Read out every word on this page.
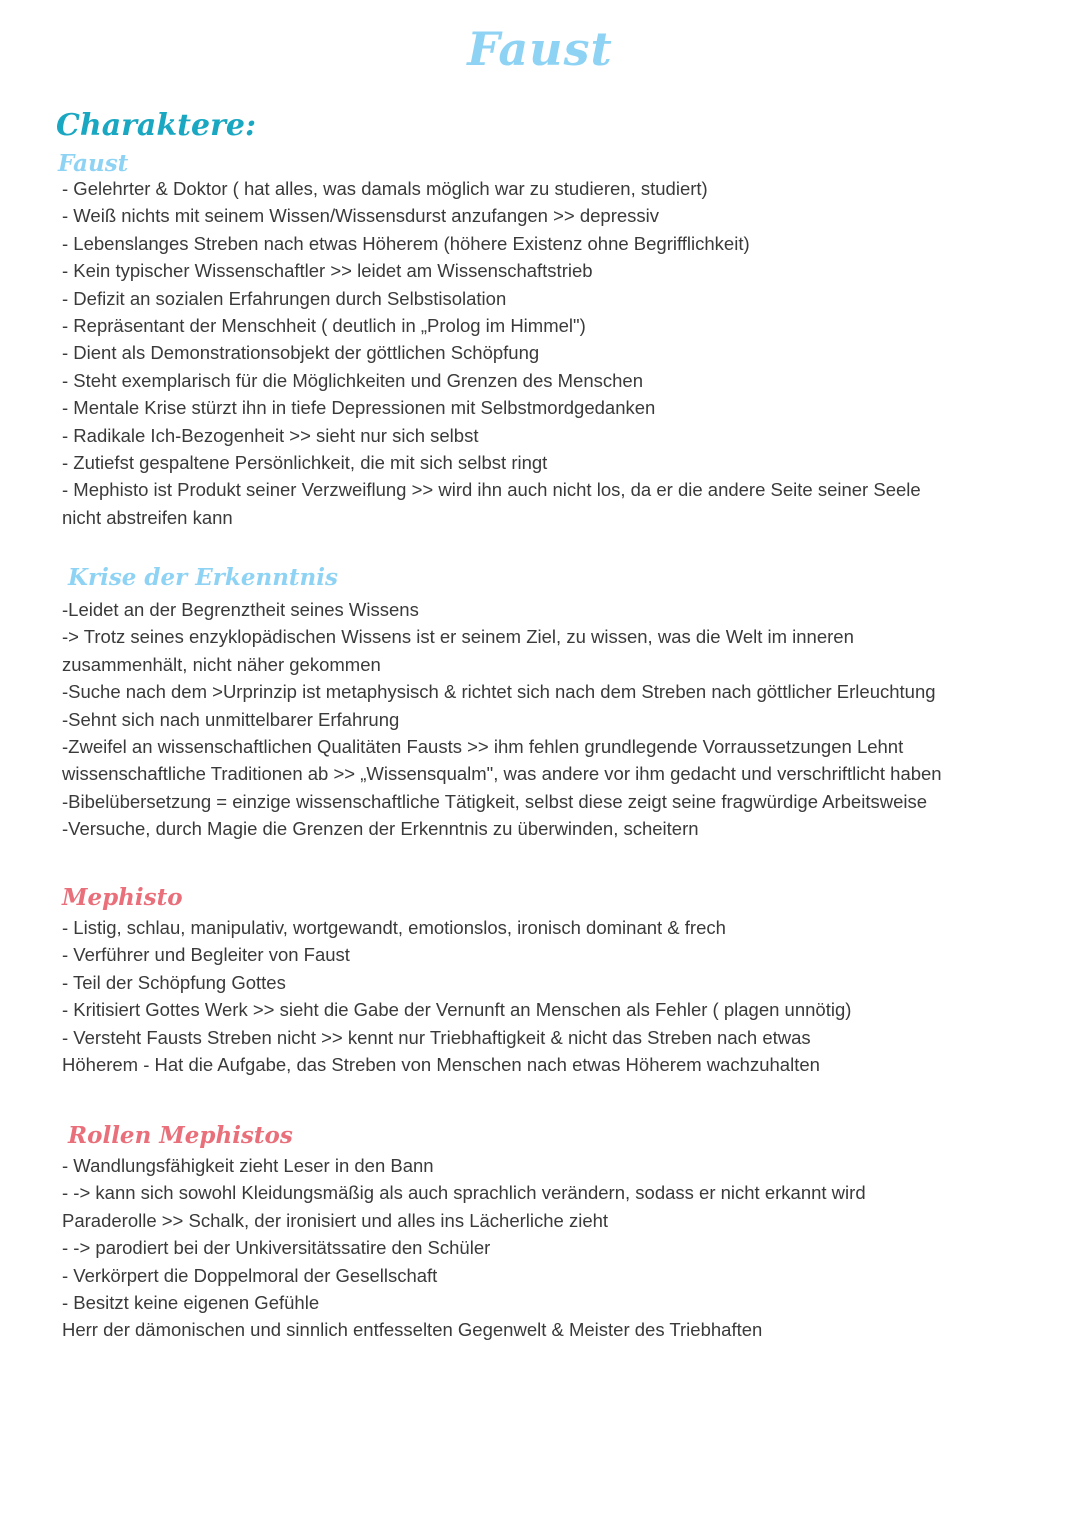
Faust
Charaktere:
Faust
- Gelehrter & Doktor ( hat alles, was damals möglich war zu studieren, studiert)
- Weiß nichts mit seinem Wissen/Wissensdurst anzufangen >> depressiv
- Lebenslanges Streben nach etwas Höherem (höhere Existenz ohne Begrifflichkeit)
- Kein typischer Wissenschaftler >> leidet am Wissenschaftstrieb
- Defizit an sozialen Erfahrungen durch Selbstisolation
- Repräsentant der Menschheit ( deutlich in „Prolog im Himmel")
- Dient als Demonstrationsobjekt der göttlichen Schöpfung
- Steht exemplarisch für die Möglichkeiten und Grenzen des Menschen
- Mentale Krise stürzt ihn in tiefe Depressionen mit Selbstmordgedanken
- Radikale Ich-Bezogenheit >> sieht nur sich selbst
- Zutiefst gespaltene Persönlichkeit, die mit sich selbst ringt
- Mephisto ist Produkt seiner Verzweiflung >> wird ihn auch nicht los, da er die andere Seite seiner Seele
nicht abstreifen kann
Krise der Erkenntnis
-Leidet an der Begrenztheit seines Wissens
-> Trotz seines enzyklopädischen Wissens ist er seinem Ziel, zu wissen, was die Welt im inneren
zusammenhält, nicht näher gekommen
-Suche nach dem >Urprinzip ist metaphysisch & richtet sich nach dem Streben nach göttlicher Erleuchtung
-Sehnt sich nach unmittelbarer Erfahrung
-Zweifel an wissenschaftlichen Qualitäten Fausts >> ihm fehlen grundlegende Vorraussetzungen Lehnt
wissenschaftliche Traditionen ab >> „Wissensqualm", was andere vor ihm gedacht und verschriftlicht haben
-Bibelübersetzung = einzige wissenschaftliche Tätigkeit, selbst diese zeigt seine fragwürdige Arbeitsweise
-Versuche, durch Magie die Grenzen der Erkenntnis zu überwinden, scheitern
Mephisto
- Listig, schlau, manipulativ, wortgewandt, emotionslos, ironisch dominant & frech
- Verführer und Begleiter von Faust
- Teil der Schöpfung Gottes
- Kritisiert Gottes Werk >> sieht die Gabe der Vernunft an Menschen als Fehler ( plagen unnötig)
- Versteht Fausts Streben nicht >> kennt nur Triebhaftigkeit & nicht das Streben nach etwas
Höherem - Hat die Aufgabe, das Streben von Menschen nach etwas Höherem wachzuhalten
Rollen Mephistos
- Wandlungsfähigkeit zieht Leser in den Bann
- -> kann sich sowohl Kleidungsmäßig als auch sprachlich verändern, sodass er nicht erkannt wird
Paraderolle >> Schalk, der ironisiert und alles ins Lächerliche zieht
- -> parodiert bei der Unkiversitätssatire den Schüler
- Verkörpert die Doppelmoral der Gesellschaft
- Besitzt keine eigenen Gefühle
Herr der dämonischen und sinnlich entfesselten Gegenwelt & Meister des Triebhaften
